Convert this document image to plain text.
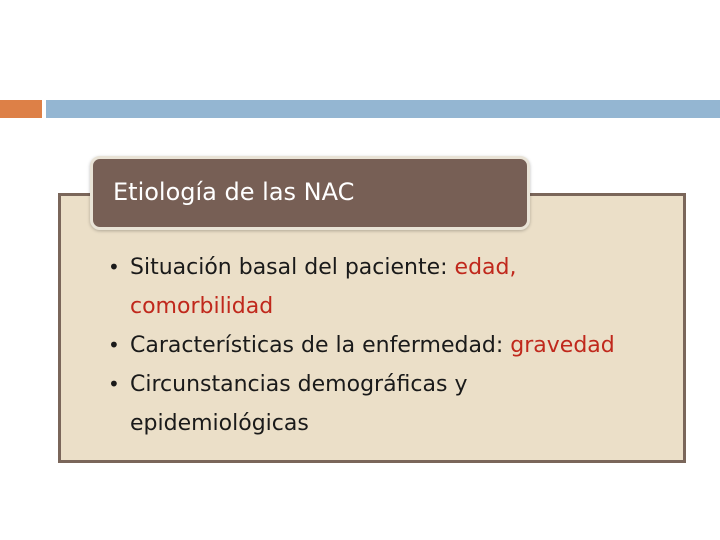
Etiología de las NAC
• Situación basal del paciente: edad, comorbilidad
• Características de la enfermedad: gravedad
• Circunstancias demográficas y epidemiológicas
